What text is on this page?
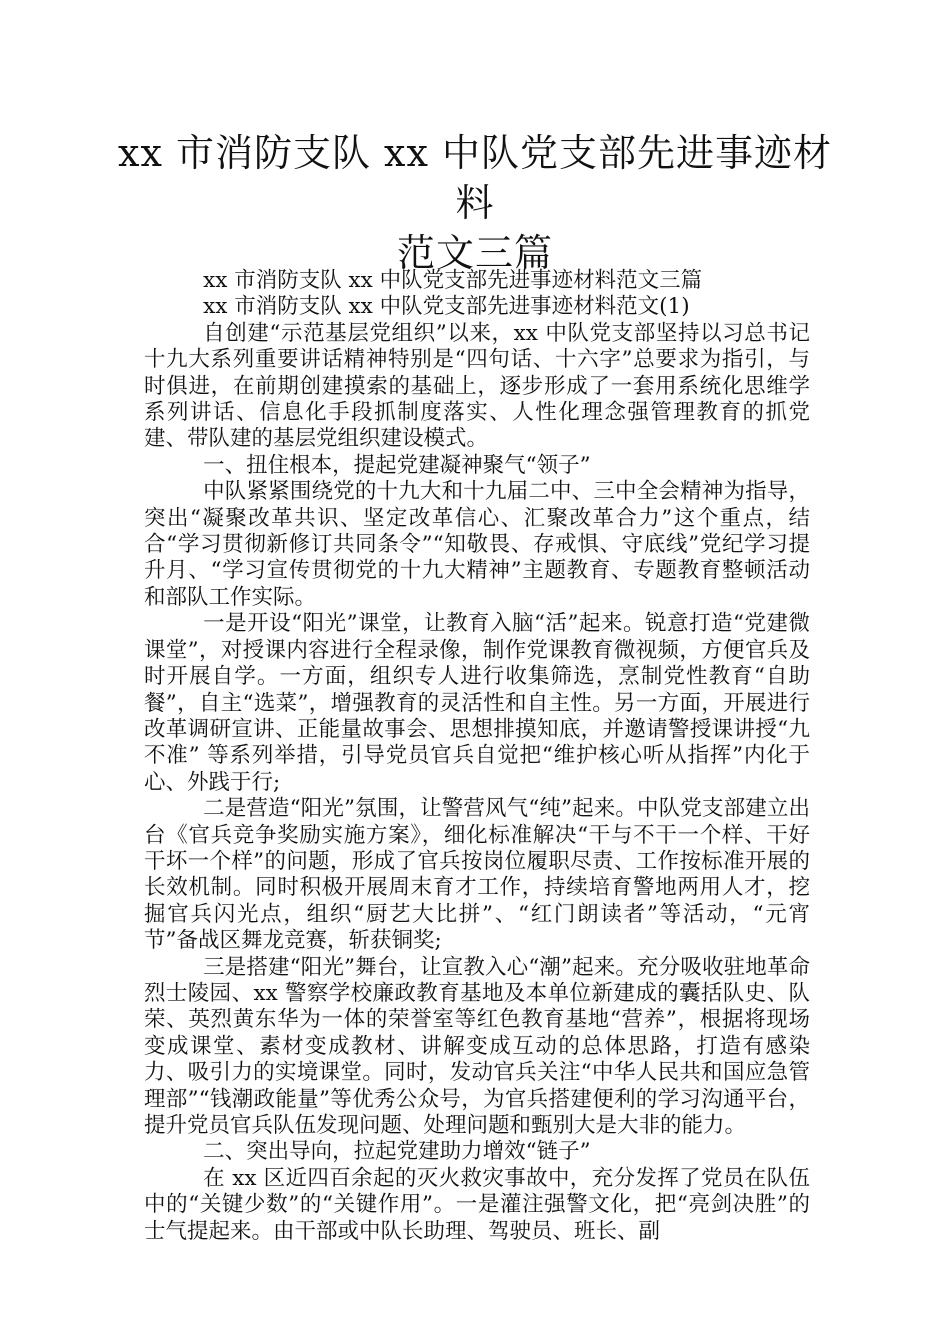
xx 市消防支队 xx 中队党支部先进事迹材料
范文三篇

xx 市消防支队 xx 中队党支部先进事迹材料范文三篇

xx 市消防支队 xx 中队党支部先进事迹材料范文(1)

自创建“示范基层党组织”以来，xx 中队党支部坚持以习总书记十九大系列重要讲话精神特别是“四句话、十六字”总要求为指引，与时俱进，在前期创建摸索的基础上，逐步形成了一套用系统化思维学系列讲话、信息化手段抓制度落实、人性化理念强管理教育的抓党建、带队建的基层党组织建设模式。

一、扭住根本，提起党建凝神聚气“领子”

中队紧紧围绕党的十九大和十九届二中、三中全会精神为指导，突出“凝聚改革共识、坚定改革信心、汇聚改革合力”这个重点，结合“学习贯彻新修订共同条令”“知敬畏、存戒惧、守底线”党纪学习提升月、“学习宣传贯彻党的十九大精神”主题教育、专题教育整顿活动和部队工作实际。

一是开设“阳光”课堂，让教育入脑“活”起来。锐意打造“党建微课堂”，对授课内容进行全程录像，制作党课教育微视频，方便官兵及时开展自学。一方面，组织专人进行收集筛选，烹制党性教育“自助餐”，自主“选菜”，增强教育的灵活性和自主性。另一方面，开展进行改革调研宣讲、正能量故事会、思想排摸知底，并邀请警授课讲授“九不准” 等系列举措，引导党员官兵自觉把“维护核心听从指挥”内化于心、外践于行;

二是营造“阳光”氛围，让警营风气“纯”起来。中队党支部建立出台《官兵竞争奖励实施方案》，细化标准解决“干与不干一个样、干好干坏一个样”的问题，形成了官兵按岗位履职尽责、工作按标准开展的长效机制。同时积极开展周末育才工作，持续培育警地两用人才，挖掘官兵闪光点，组织“厨艺大比拼”、“红门朗读者”等活动，“元宵节”备战区舞龙竞赛，斩获铜奖;

三是搭建“阳光”舞台，让宣教入心“潮”起来。充分吸收驻地革命烈士陵园、xx 警察学校廉政教育基地及本单位新建成的囊括队史、队荣、英烈黄东华为一体的荣誉室等红色教育基地“营养”，根据将现场变成课堂、素材变成教材、讲解变成互动的总体思路，打造有感染力、吸引力的实境课堂。同时，发动官兵关注“中华人民共和国应急管理部”“钱潮政能量”等优秀公众号，为官兵搭建便利的学习沟通平台，提升党员官兵队伍发现问题、处理问题和甄别大是大非的能力。

二、突出导向，拉起党建助力增效“链子”

在 xx 区近四百余起的灭火救灾事故中，充分发挥了党员在队伍中的“关键少数”的“关键作用”。一是灌注强警文化，把“亮剑决胜”的士气提起来。由干部或中队长助理、驾驶员、班长、副
